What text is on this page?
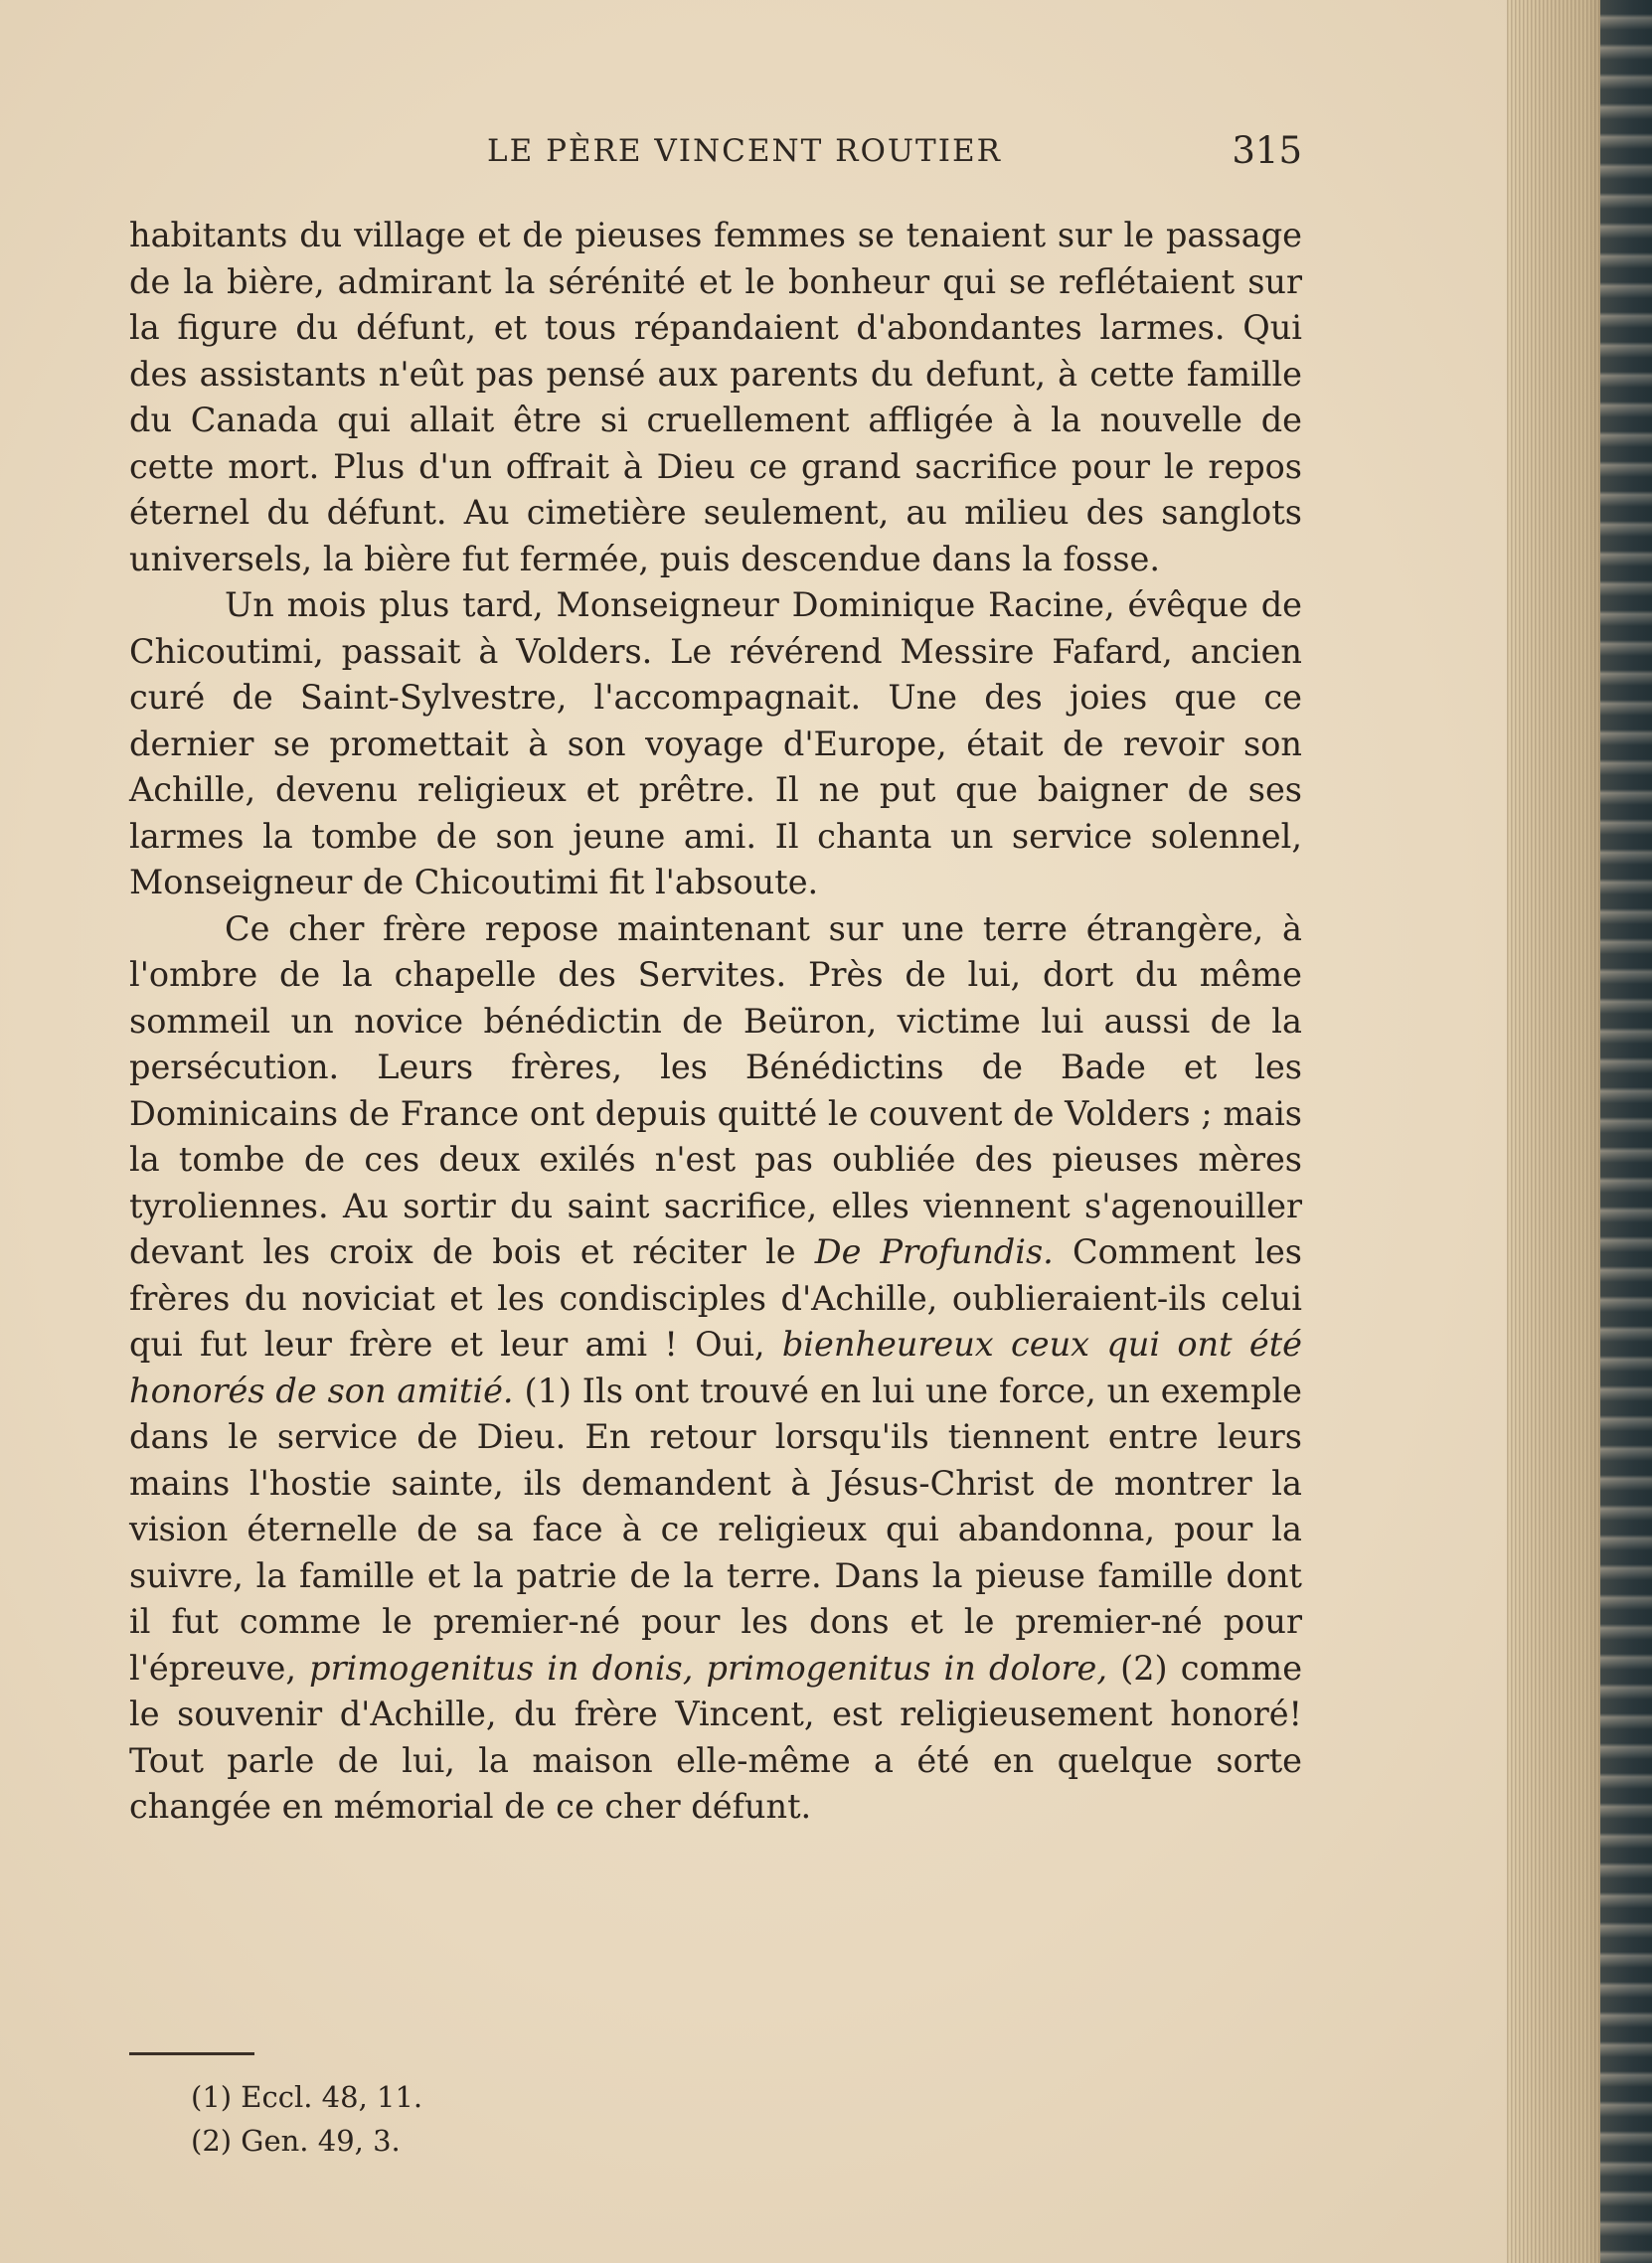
LE PÈRE VINCENT ROUTIER	315

habitants du village et de pieuses femmes se tenaient sur le passage de la bière, admirant la sérénité et le bonheur qui se reflétaient sur la figure du défunt, et tous répandaient d'abondantes larmes. Qui des assistants n'eût pas pensé aux parents du defunt, à cette famille du Canada qui allait être si cruellement affligée à la nouvelle de cette mort. Plus d'un offrait à Dieu ce grand sacrifice pour le repos éternel du défunt. Au cimetière seulement, au milieu des sanglots universels, la bière fut fermée, puis descendue dans la fosse.

Un mois plus tard, Monseigneur Dominique Racine, évêque de Chicoutimi, passait à Volders. Le révérend Messire Fafard, ancien curé de Saint-Sylvestre, l'accompagnait. Une des joies que ce dernier se promettait à son voyage d'Europe, était de revoir son Achille, devenu religieux et prêtre. Il ne put que baigner de ses larmes la tombe de son jeune ami. Il chanta un service solennel, Monseigneur de Chicoutimi fit l'absoute.

Ce cher frère repose maintenant sur une terre étrangère, à l'ombre de la chapelle des Servites. Près de lui, dort du même sommeil un novice bénédictin de Beüron, victime lui aussi de la persécution. Leurs frères, les Bénédictins de Bade et les Dominicains de France ont depuis quitté le couvent de Volders ; mais la tombe de ces deux exilés n'est pas oubliée des pieuses mères tyroliennes. Au sortir du saint sacrifice, elles viennent s'agenouiller devant les croix de bois et réciter le De Profundis. Comment les frères du noviciat et les condisciples d'Achille, oublieraient-ils celui qui fut leur frère et leur ami ! Oui, bienheureux ceux qui ont été honorés de son amitié. (1) Ils ont trouvé en lui une force, un exemple dans le service de Dieu. En retour lorsqu'ils tiennent entre leurs mains l'hostie sainte, ils demandent à Jésus-Christ de montrer la vision éternelle de sa face à ce religieux qui abandonna, pour la suivre, la famille et la patrie de la terre. Dans la pieuse famille dont il fut comme le premier-né pour les dons et le premier-né pour l'épreuve, primogenitus in donis, primogenitus in dolore, (2) comme le souvenir d'Achille, du frère Vincent, est religieusement honoré! Tout parle de lui, la maison elle-même a été en quelque sorte changée en mémorial de ce cher défunt.

(1) Eccl. 48, 11.
(2) Gen. 49, 3.
